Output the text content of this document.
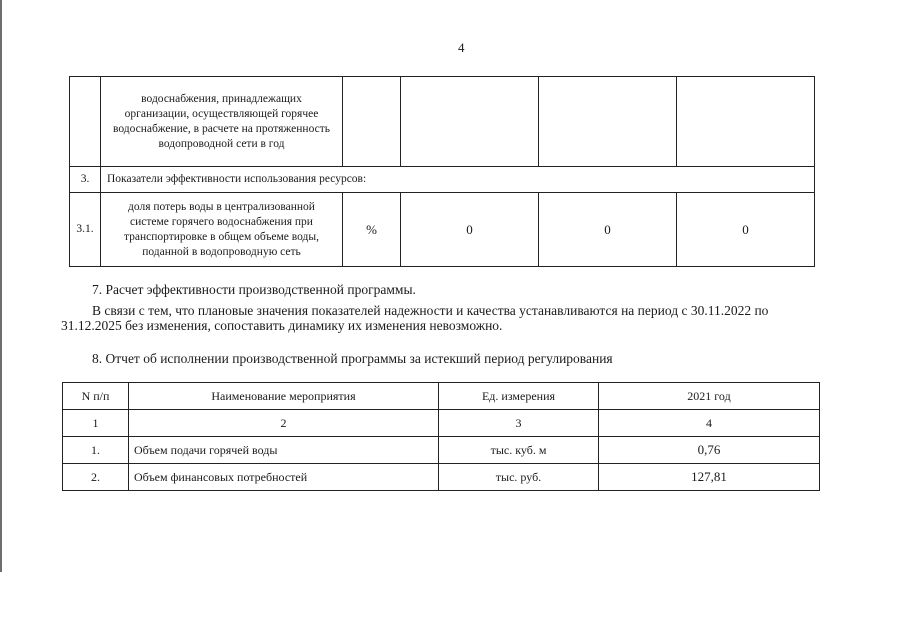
4
	водоснабжения, принадлежащих организации, осуществляющей горячее водоснабжение, в расчете на протяженность водопроводной сети в год				
3.	Показатели эффективности использования ресурсов:				
3.1.	доля потерь воды в централизованной системе горячего водоснабжения при транспортировке в общем объеме воды, поданной в водопроводную сеть	%	0	0	0
7. Расчет эффективности производственной программы.
В связи с тем, что плановые значения показателей надежности и качества устанавливаются на период с 30.11.2022 по
31.12.2025 без изменения, сопоставить динамику их изменения невозможно.
8. Отчет об исполнении производственной программы за истекший период регулирования
N п/п	Наименование мероприятия	Ед. измерения	2021 год
1	2	3	4
1.	Объем подачи горячей воды	тыс. куб. м	0,76
2.	Объем финансовых потребностей	тыс. руб.	127,81
